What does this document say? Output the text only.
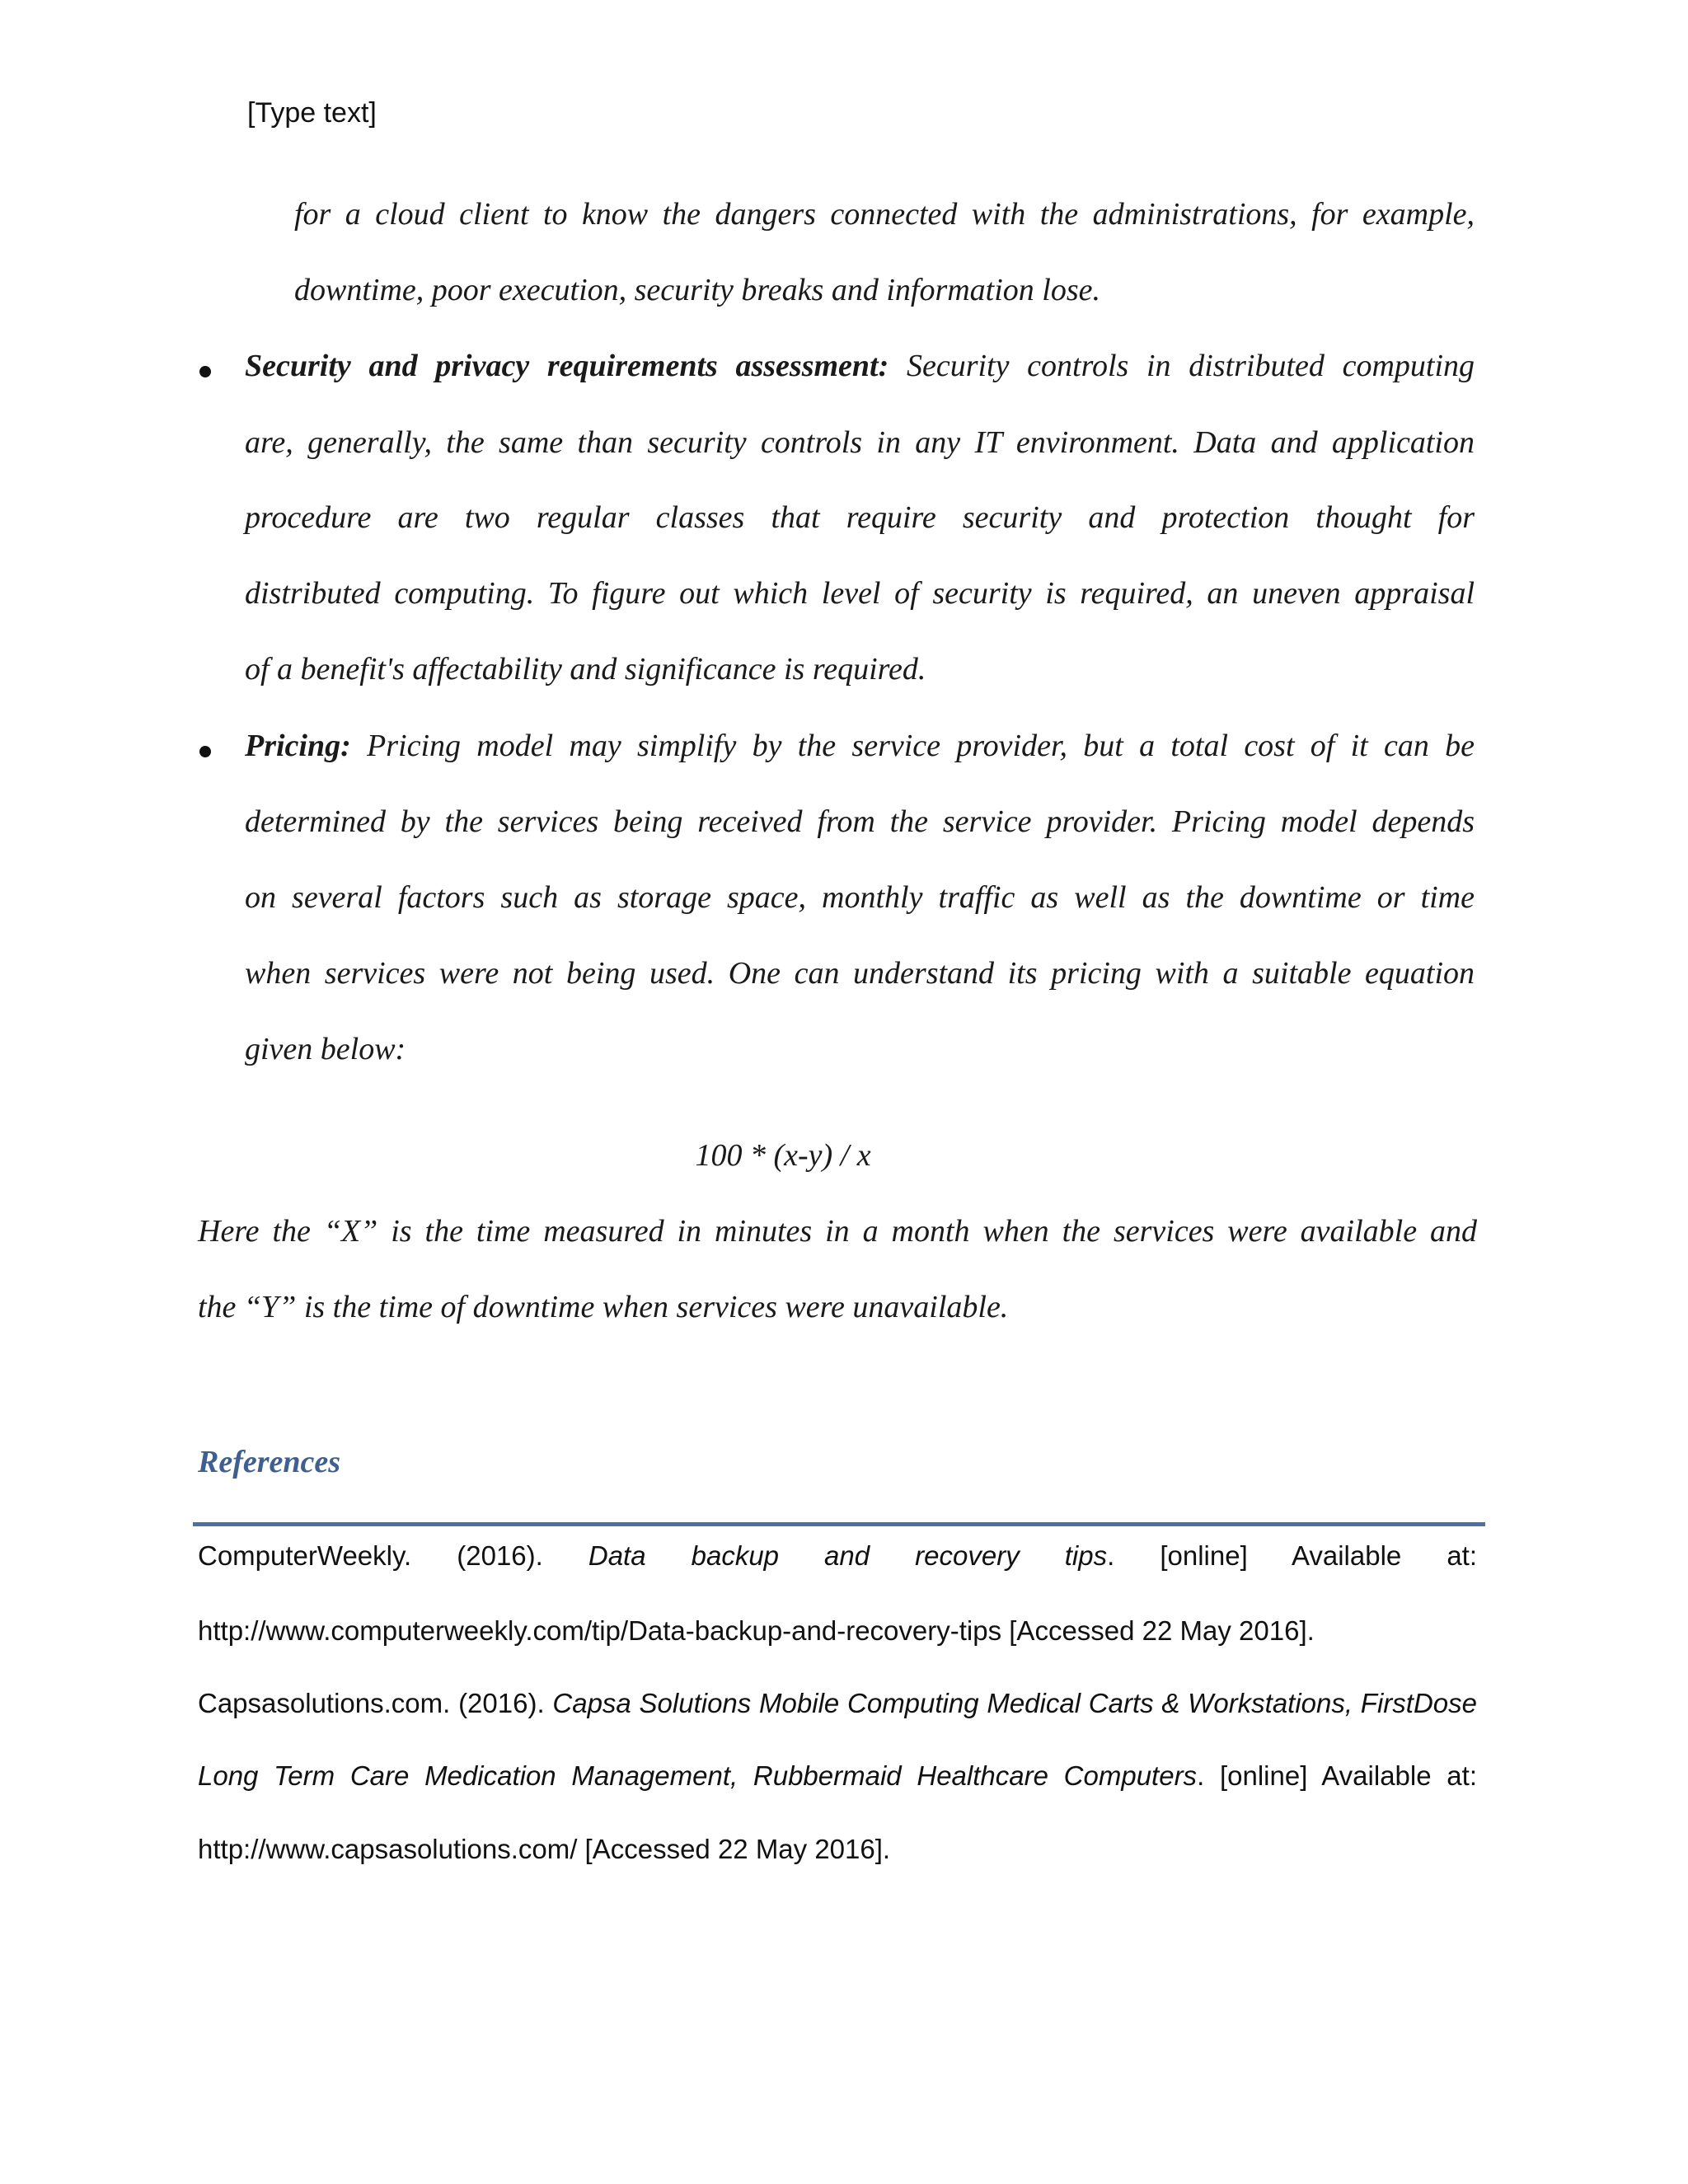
[Type text]
for a cloud client to know the dangers connected with the administrations, for example,
downtime, poor execution, security breaks and information lose.
Security and privacy requirements assessment: Security controls in distributed computing
are, generally, the same than security controls in any IT environment. Data and application
procedure are two regular classes that require security and protection thought for
distributed computing. To figure out which level of security is required, an uneven appraisal
of a benefit's affectability and significance is required.
Pricing: Pricing model may simplify by the service provider, but a total cost of it can be
determined by the services being received from the service provider. Pricing model depends
on several factors such as storage space, monthly traffic as well as the downtime or time
when services were not being used. One can understand its pricing with a suitable equation
given below:
100 * (x-y) / x
Here the “X” is the time measured in minutes in a month when the services were available and
the “Y” is the time of downtime when services were unavailable.
References
ComputerWeekly. (2016). Data backup and recovery tips. [online] Available at:
http://www.computerweekly.com/tip/Data-backup-and-recovery-tips [Accessed 22 May 2016].
Capsasolutions.com. (2016). Capsa Solutions Mobile Computing Medical Carts & Workstations, FirstDose
Long Term Care Medication Management, Rubbermaid Healthcare Computers. [online] Available at:
http://www.capsasolutions.com/ [Accessed 22 May 2016].
